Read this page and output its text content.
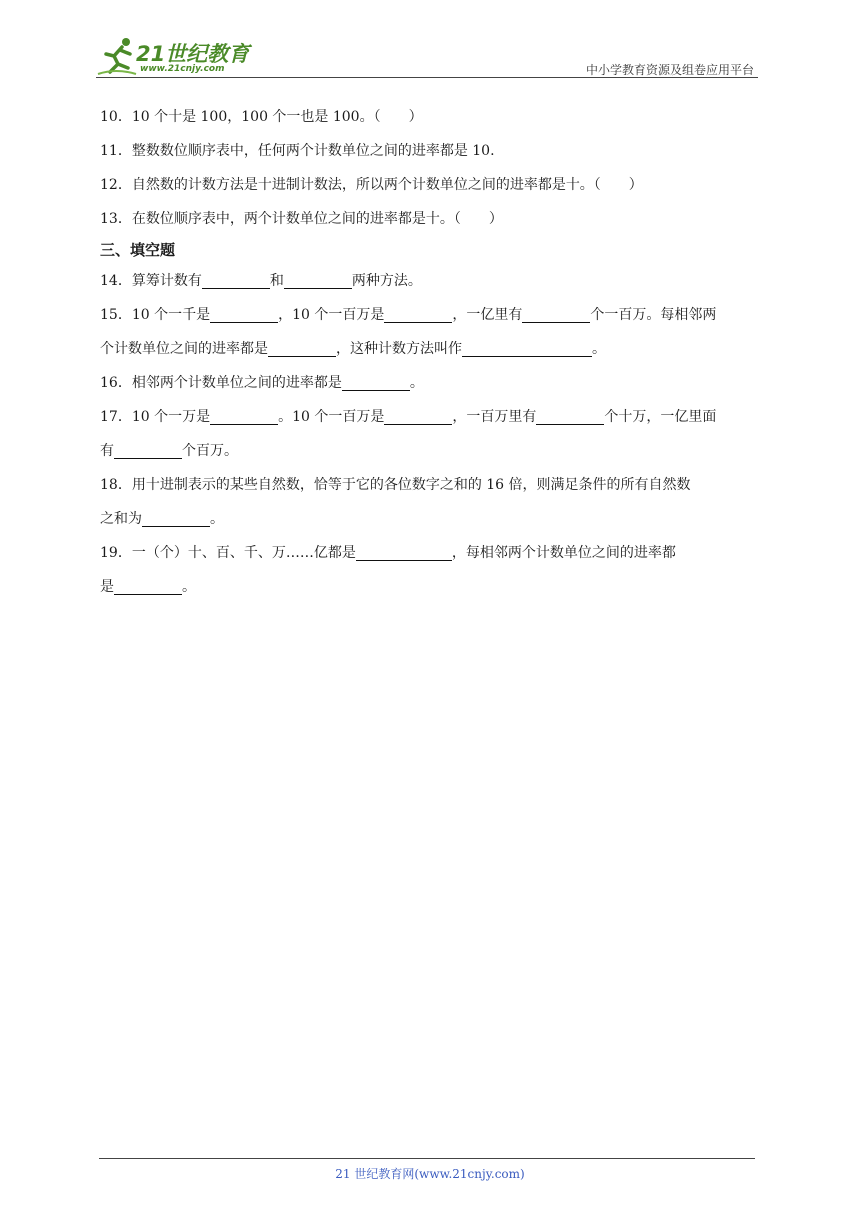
21世纪教育
www.21cnjy.com	中小学教育资源及组卷应用平台
10．10 个十是 100，100 个一也是 100。（　　）
11．整数数位顺序表中，任何两个计数单位之间的进率都是 10.
12．自然数的计数方法是十进制计数法，所以两个计数单位之间的进率都是十。（　　）
13．在数位顺序表中，两个计数单位之间的进率都是十。（　　）
三、填空题
14．算筹计数有	和	两种方法。
15．10 个一千是	，10 个一百万是	，一亿里有	个一百万。每相邻两
个计数单位之间的进率都是	，这种计数方法叫作	。
16．相邻两个计数单位之间的进率都是	。
17．10 个一万是	。10 个一百万是	，一百万里有	个十万，一亿里面
有	个百万。
18．用十进制表示的某些自然数，恰等于它的各位数字之和的 16 倍，则满足条件的所有自然数
之和为	。
19．一（个）十、百、千、万……亿都是	，每相邻两个计数单位之间的进率都
是	。
21 世纪教育网(www.21cnjy.com)
